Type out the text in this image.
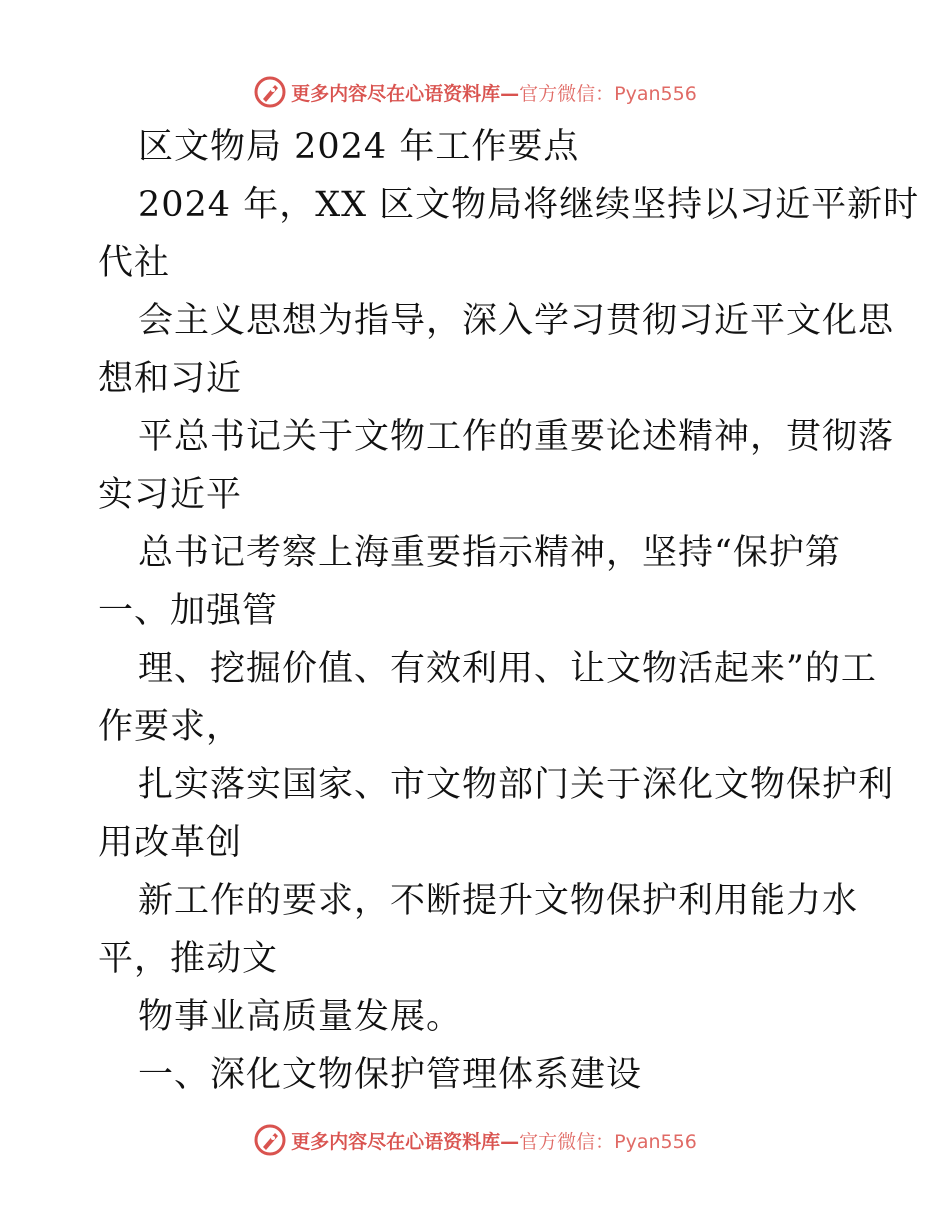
更多内容尽在心语资料库—官方微信：Pyan556
区文物局 2024 年工作要点
2024 年，XX 区文物局将继续坚持以习近平新时
代社
会主义思想为指导，深入学习贯彻习近平文化思
想和习近
平总书记关于文物工作的重要论述精神，贯彻落
实习近平
总书记考察上海重要指示精神，坚持“保护第
一、加强管
理、挖掘价值、有效利用、让文物活起来”的工
作要求，
扎实落实国家、市文物部门关于深化文物保护利
用改革创
新工作的要求，不断提升文物保护利用能力水
平，推动文
物事业高质量发展。
一、深化文物保护管理体系建设
更多内容尽在心语资料库—官方微信：Pyan556
